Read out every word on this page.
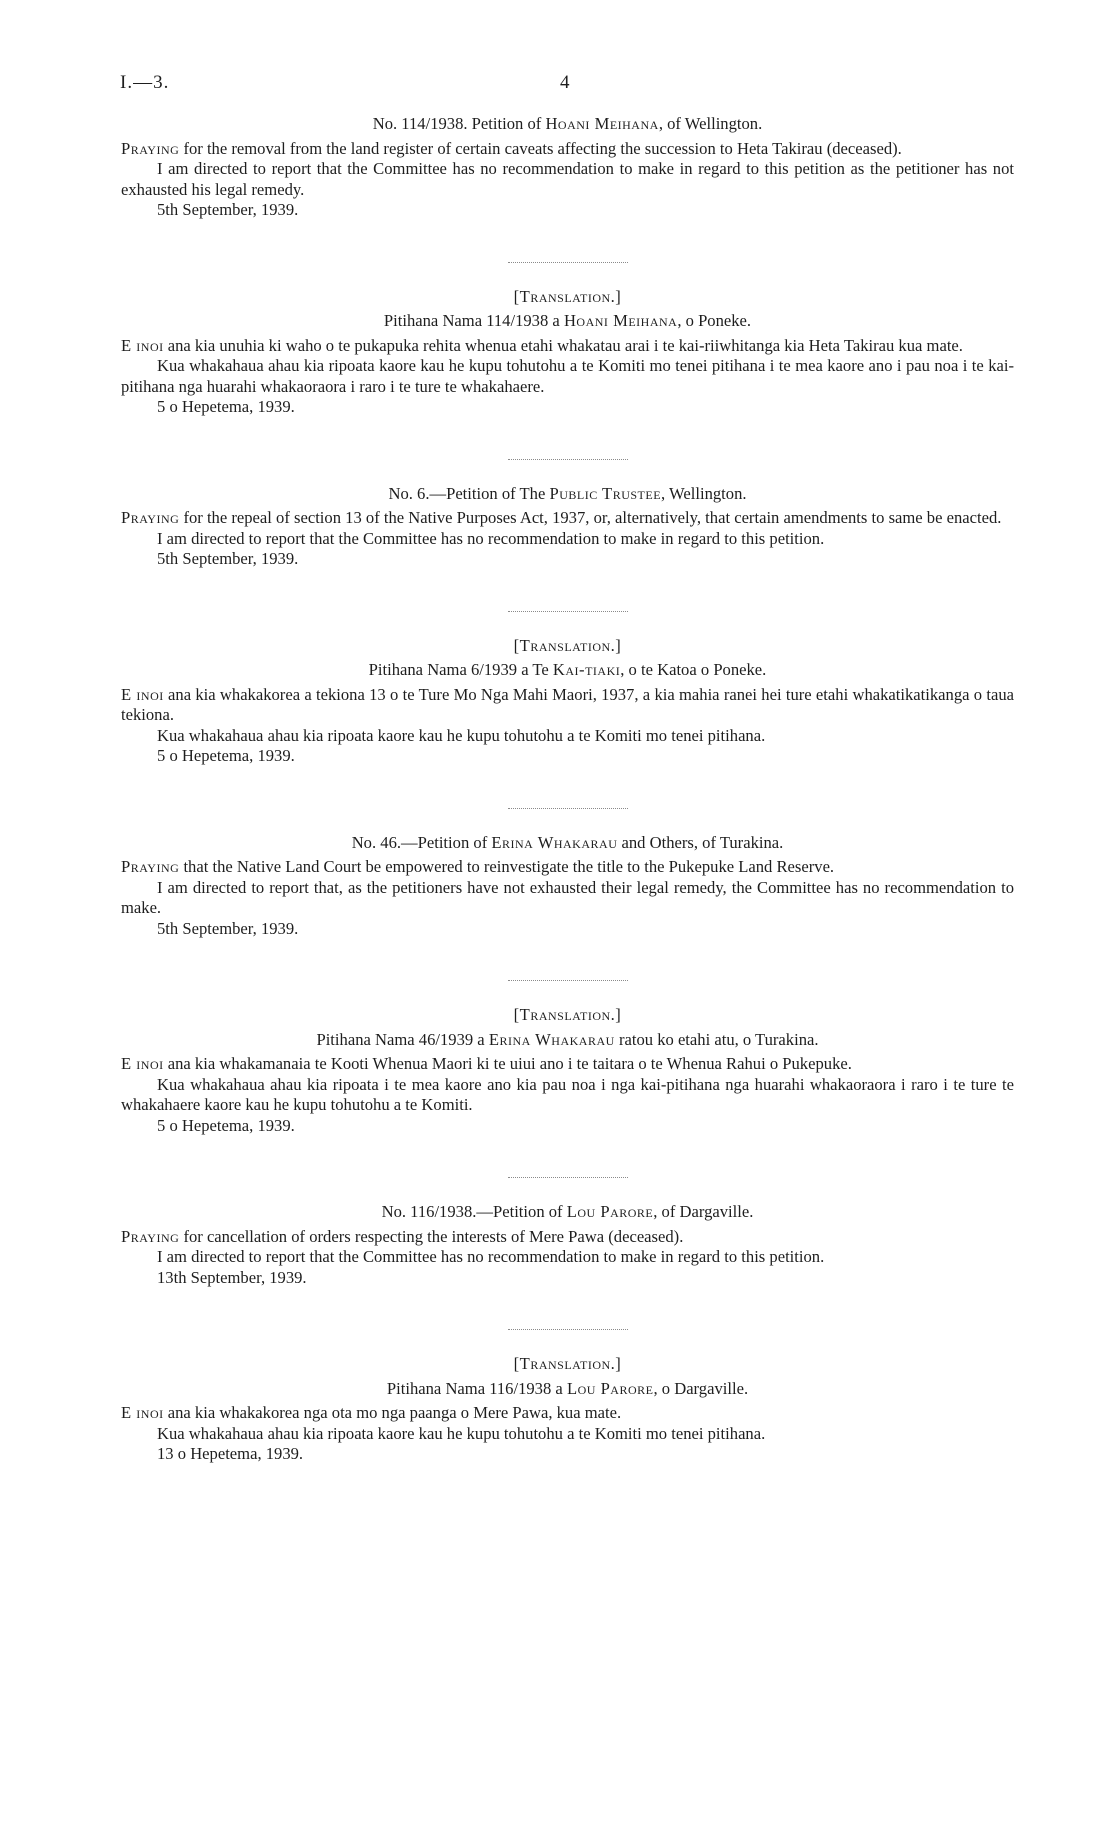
I.—3.	4

No. 114/1938. Petition of Hoani Meihana, of Wellington.

Praying for the removal from the land register of certain caveats affecting the succession to Heta Takirau (deceased).

I am directed to report that the Committee has no recommendation to make in regard to this petition as the petitioner has not exhausted his legal remedy.

5th September, 1939.

[Translation.]

Pitihana Nama 114/1938 a Hoani Meihana, o Poneke.

E inoi ana kia unuhia ki waho o te pukapuka rehita whenua etahi whakatau arai i te kai-riiwhitanga kia Heta Takirau kua mate.

Kua whakahaua ahau kia ripoata kaore kau he kupu tohutohu a te Komiti mo tenei pitihana i te mea kaore ano i pau noa i te kai-pitihana nga huarahi whakaoraora i raro i te ture te whakahaere.

5 o Hepetema, 1939.

No. 6.—Petition of The Public Trustee, Wellington.

Praying for the repeal of section 13 of the Native Purposes Act, 1937, or, alternatively, that certain amendments to same be enacted.

I am directed to report that the Committee has no recommendation to make in regard to this petition.

5th September, 1939.

[Translation.]

Pitihana Nama 6/1939 a Te Kai-tiaki, o te Katoa o Poneke.

E inoi ana kia whakakorea a tekiona 13 o te Ture Mo Nga Mahi Maori, 1937, a kia mahia ranei hei ture etahi whakatikatikanga o taua tekiona.

Kua whakahaua ahau kia ripoata kaore kau he kupu tohutohu a te Komiti mo tenei pitihana.

5 o Hepetema, 1939.

No. 46.—Petition of Erina Whakarau and Others, of Turakina.

Praying that the Native Land Court be empowered to reinvestigate the title to the Pukepuke Land Reserve.

I am directed to report that, as the petitioners have not exhausted their legal remedy, the Committee has no recommendation to make.

5th September, 1939.

[Translation.]

Pitihana Nama 46/1939 a Erina Whakarau ratou ko etahi atu, o Turakina.

E inoi ana kia whakamanaia te Kooti Whenua Maori ki te uiui ano i te taitara o te Whenua Rahui o Pukepuke.

Kua whakahaua ahau kia ripoata i te mea kaore ano kia pau noa i nga kai-pitihana nga huarahi whakaoraora i raro i te ture te whakahaere kaore kau he kupu tohutohu a te Komiti.

5 o Hepetema, 1939.

No. 116/1938.—Petition of Lou Parore, of Dargaville.

Praying for cancellation of orders respecting the interests of Mere Pawa (deceased).

I am directed to report that the Committee has no recommendation to make in regard to this petition.

13th September, 1939.

[Translation.]

Pitihana Nama 116/1938 a Lou Parore, o Dargaville.

E inoi ana kia whakakorea nga ota mo nga paanga o Mere Pawa, kua mate.

Kua whakahaua ahau kia ripoata kaore kau he kupu tohutohu a te Komiti mo tenei pitihana.

13 o Hepetema, 1939.
